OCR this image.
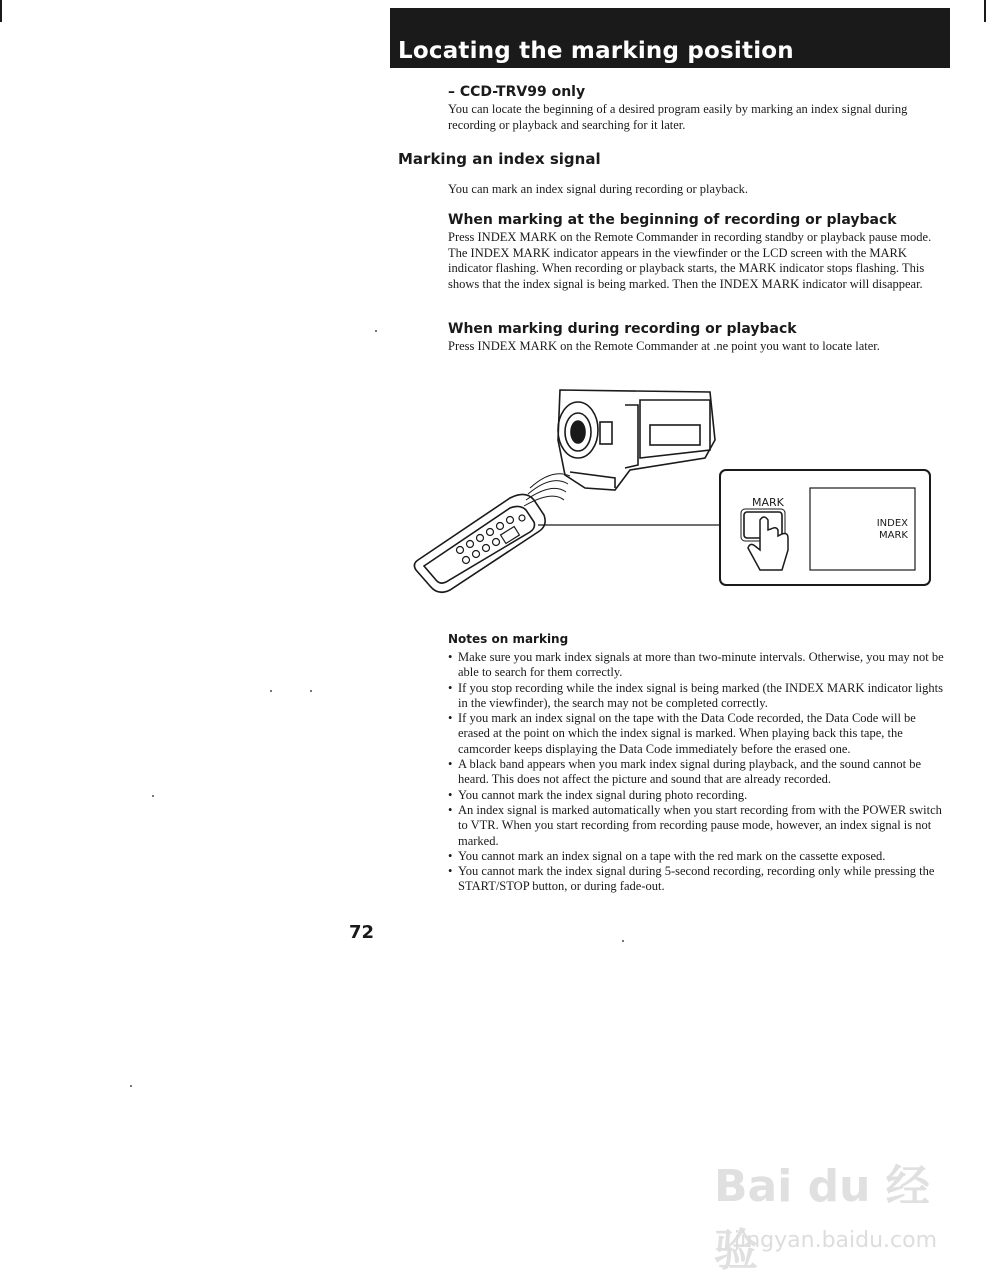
Locating the marking position
– CCD-TRV99 only
You can locate the beginning of a desired program easily by marking an index signal during recording or playback and searching for it later.
Marking an index signal
You can mark an index signal during recording or playback.
When marking at the beginning of recording or playback
Press INDEX MARK on the Remote Commander in recording standby or playback pause mode. The INDEX MARK indicator appears in the viewfinder or the LCD screen with the MARK indicator flashing. When recording or playback starts, the MARK indicator stops flashing. This shows that the index signal is being marked. Then the INDEX MARK indicator will disappear.
When marking during recording or playback
Press INDEX MARK on the Remote Commander at .ne point you want to locate later.
MARK
INDEX
MARK
Notes on marking
• Make sure you mark index signals at more than two-minute intervals. Otherwise, you may not be able to search for them correctly.
• If you stop recording while the index signal is being marked (the INDEX MARK indicator lights in the viewfinder), the search may not be completed correctly.
• If you mark an index signal on the tape with the Data Code recorded, the Data Code will be erased at the point on which the index signal is marked. When playing back this tape, the camcorder keeps displaying the Data Code immediately before the erased one.
• A black band appears when you mark index signal during playback, and the sound cannot be heard. This does not affect the picture and sound that are already recorded.
• You cannot mark the index signal during photo recording.
• An index signal is marked automatically when you start recording from with the POWER switch to VTR. When you start recording from recording pause mode, however, an index signal is not marked.
• You cannot mark an index signal on a tape with the red mark on the cassette exposed.
• You cannot mark the index signal during 5-second recording, recording only while pressing the START/STOP button, or during fade-out.
72
Bai du 经验
jingyan.baidu.com
